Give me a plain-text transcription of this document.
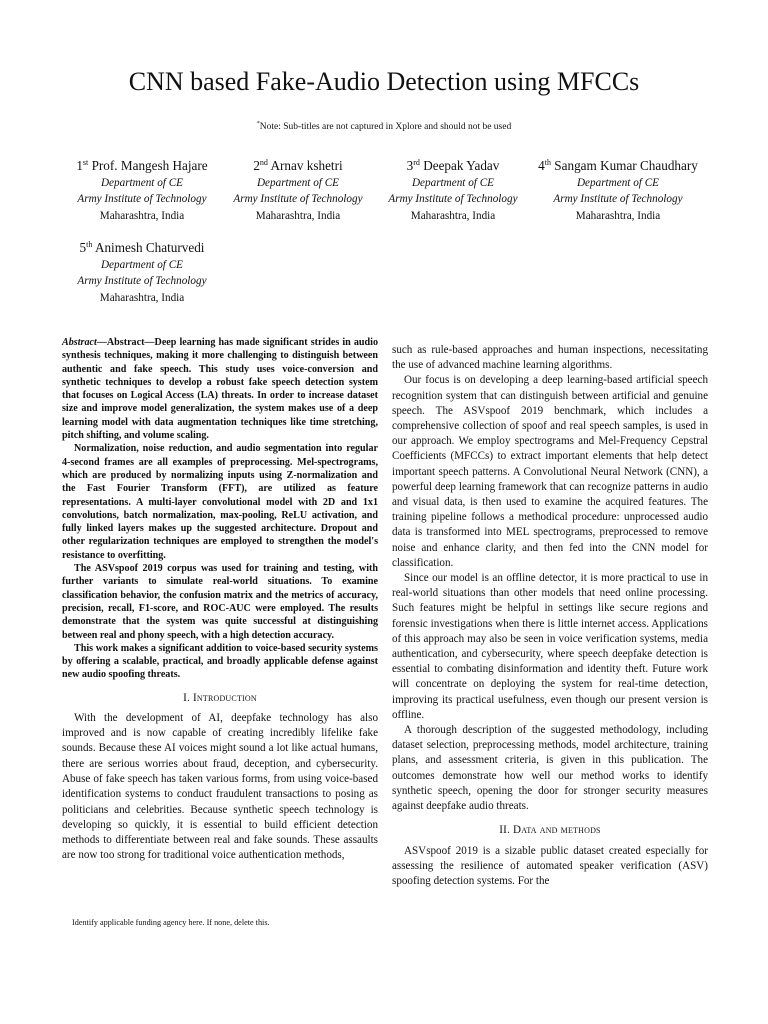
CNN based Fake-Audio Detection using MFCCs
*Note: Sub-titles are not captured in Xplore and should not be used
1st Prof. Mangesh Hajare
Department of CE
Army Institute of Technology
Maharashtra, India
2nd Arnav kshetri
Department of CE
Army Institute of Technology
Maharashtra, India
3rd Deepak Yadav
Department of CE
Army Institute of Technology
Maharashtra, India
4th Sangam Kumar Chaudhary
Department of CE
Army Institute of Technology
Maharashtra, India
5th Animesh Chaturvedi
Department of CE
Army Institute of Technology
Maharashtra, India

Abstract—Abstract—Deep learning has made significant strides in audio synthesis techniques, making it more challenging to distinguish between authentic and fake speech. This study uses voice-conversion and synthetic techniques to develop a robust fake speech detection system that focuses on Logical Access (LA) threats. In order to increase dataset size and improve model generalization, the system makes use of a deep learning model with data augmentation techniques like time stretching, pitch shifting, and volume scaling.

Normalization, noise reduction, and audio segmentation into regular 4-second frames are all examples of preprocessing. Mel-spectrograms, which are produced by normalizing inputs using Z-normalization and the Fast Fourier Transform (FFT), are utilized as feature representations. A multi-layer convolutional model with 2D and 1x1 convolutions, batch normalization, max-pooling, ReLU activation, and fully linked layers makes up the suggested architecture. Dropout and other regularization techniques are employed to strengthen the model's resistance to overfitting.

The ASVspoof 2019 corpus was used for training and testing, with further variants to simulate real-world situations. To examine classification behavior, the confusion matrix and the metrics of accuracy, precision, recall, F1-score, and ROC-AUC were employed. The results demonstrate that the system was quite successful at distinguishing between real and phony speech, with a high detection accuracy.

This work makes a significant addition to voice-based security systems by offering a scalable, practical, and broadly applicable defense against new audio spoofing threats.

I. Introduction

With the development of AI, deepfake technology has also improved and is now capable of creating incredibly lifelike fake sounds. Because these AI voices might sound a lot like actual humans, there are serious worries about fraud, deception, and cybersecurity. Abuse of fake speech has taken various forms, from using voice-based identification systems to conduct fraudulent transactions to posing as politicians and celebrities. Because synthetic speech technology is developing so quickly, it is essential to build efficient detection methods to differentiate between real and fake sounds. These assaults are now too strong for traditional voice authentication methods,

such as rule-based approaches and human inspections, necessitating the use of advanced machine learning algorithms.

Our focus is on developing a deep learning-based artificial speech recognition system that can distinguish between artificial and genuine speech. The ASVspoof 2019 benchmark, which includes a comprehensive collection of spoof and real speech samples, is used in our approach. We employ spectrograms and Mel-Frequency Cepstral Coefficients (MFCCs) to extract important elements that help detect important speech patterns. A Convolutional Neural Network (CNN), a powerful deep learning framework that can recognize patterns in audio and visual data, is then used to examine the acquired features. The training pipeline follows a methodical procedure: unprocessed audio data is transformed into MEL spectrograms, preprocessed to remove noise and enhance clarity, and then fed into the CNN model for classification.

Since our model is an offline detector, it is more practical to use in real-world situations than other models that need online processing. Such features might be helpful in settings like secure regions and forensic investigations when there is little internet access. Applications of this approach may also be seen in voice verification systems, media authentication, and cybersecurity, where speech deepfake detection is essential to combating disinformation and identity theft. Future work will concentrate on deploying the system for real-time detection, improving its practical usefulness, even though our present version is offline.

A thorough description of the suggested methodology, including dataset selection, preprocessing methods, model architecture, training plans, and assessment criteria, is given in this publication. The outcomes demonstrate how well our method works to identify synthetic speech, opening the door for stronger security measures against deepfake audio threats.

II. Data and methods

ASVspoof 2019 is a sizable public dataset created especially for assessing the resilience of automated speaker verification (ASV) spoofing detection systems. For the

Identify applicable funding agency here. If none, delete this.
